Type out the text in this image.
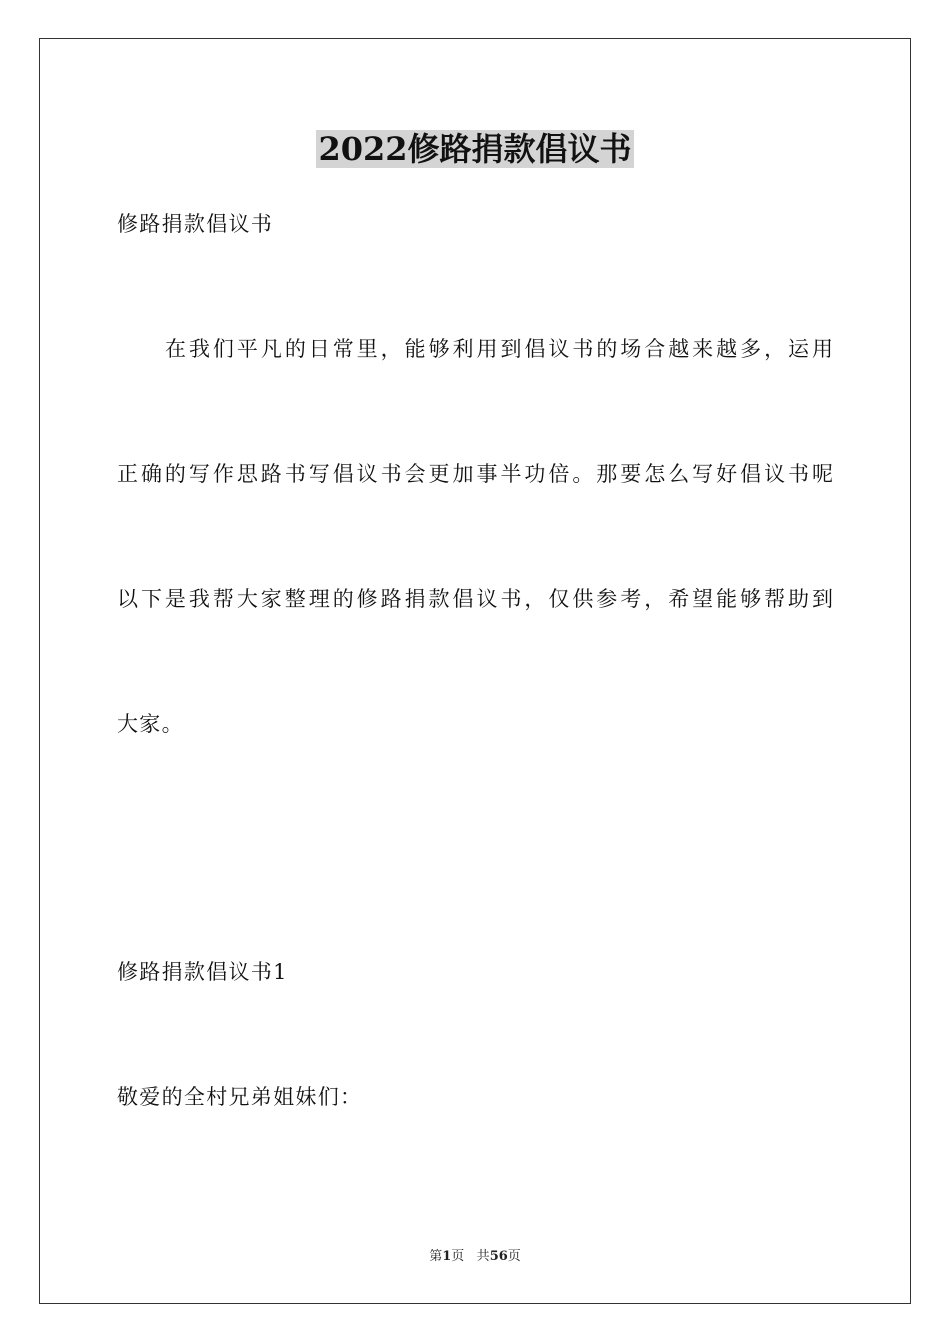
2022修路捐款倡议书
修路捐款倡议书
在我们平凡的日常里，能够利用到倡议书的场合越来越多，运用
正确的写作思路书写倡议书会更加事半功倍。那要怎么写好倡议书呢
以下是我帮大家整理的修路捐款倡议书，仅供参考，希望能够帮助到
大家。
修路捐款倡议书1
敬爱的全村兄弟姐妹们：
第1页 共56页
